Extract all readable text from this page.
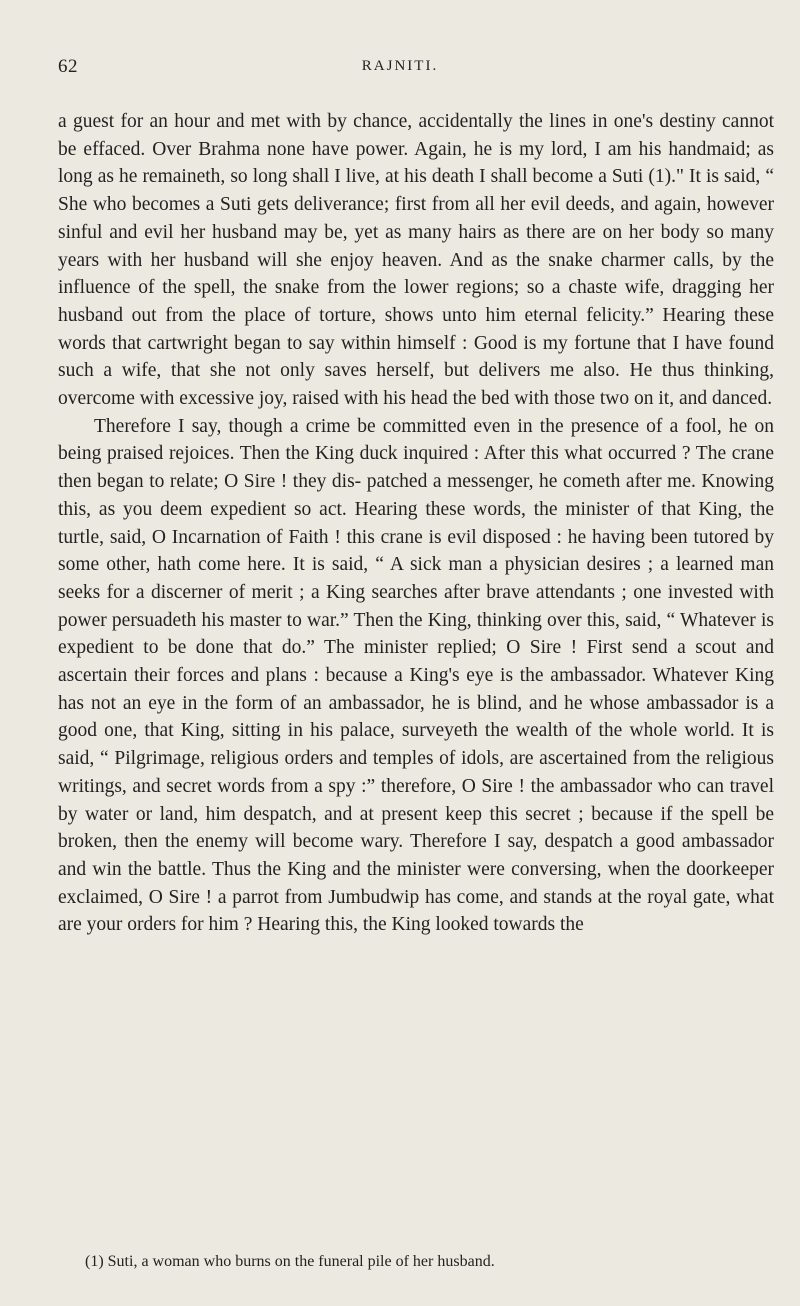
62	RAJNITI.

a guest for an hour and met with by chance, accidentally the lines in one's destiny cannot be effaced. Over Brahma none have power. Again, he is my lord, I am his handmaid; as long as he remaineth, so long shall I live, at his death I shall become a Suti (1)." It is said, “ She who becomes a Suti gets deliverance; first from all her evil deeds, and again, however sinful and evil her husband may be, yet as many hairs as there are on her body so many years with her husband will she enjoy heaven. And as the snake charmer calls, by the influence of the spell, the snake from the lower regions; so a chaste wife, dragging her husband out from the place of torture, shows unto him eternal felicity.” Hearing these words that cartwright began to say within himself : Good is my fortune that I have found such a wife, that she not only saves herself, but delivers me also. He thus thinking, overcome with excessive joy, raised with his head the bed with those two on it, and danced.

Therefore I say, though a crime be committed even in the presence of a fool, he on being praised rejoices. Then the King duck inquired : After this what occurred ? The crane then began to relate; O Sire ! they dis- patched a messenger, he cometh after me. Knowing this, as you deem expedient so act. Hearing these words, the minister of that King, the turtle, said, O Incarnation of Faith ! this crane is evil disposed : he having been tutored by some other, hath come here. It is said, “ A sick man a physician desires ; a learned man seeks for a discerner of merit ; a King searches after brave attendants ; one invested with power persuadeth his master to war.” Then the King, thinking over this, said, “ Whatever is expedient to be done that do.” The minister replied; O Sire ! First send a scout and ascertain their forces and plans : because a King's eye is the ambassador. Whatever King has not an eye in the form of an ambassador, he is blind, and he whose ambassador is a good one, that King, sitting in his palace, surveyeth the wealth of the whole world. It is said, “ Pilgrimage, religious orders and temples of idols, are ascertained from the religious writings, and secret words from a spy :” therefore, O Sire ! the ambassador who can travel by water or land, him despatch, and at present keep this secret ; because if the spell be broken, then the enemy will become wary. Therefore I say, despatch a good ambassador and win the battle. Thus the King and the minister were conversing, when the doorkeeper exclaimed, O Sire ! a parrot from Jumbudwip has come, and stands at the royal gate, what are your orders for him ? Hearing this, the King looked towards the

(1) Suti, a woman who burns on the funeral pile of her husband.
